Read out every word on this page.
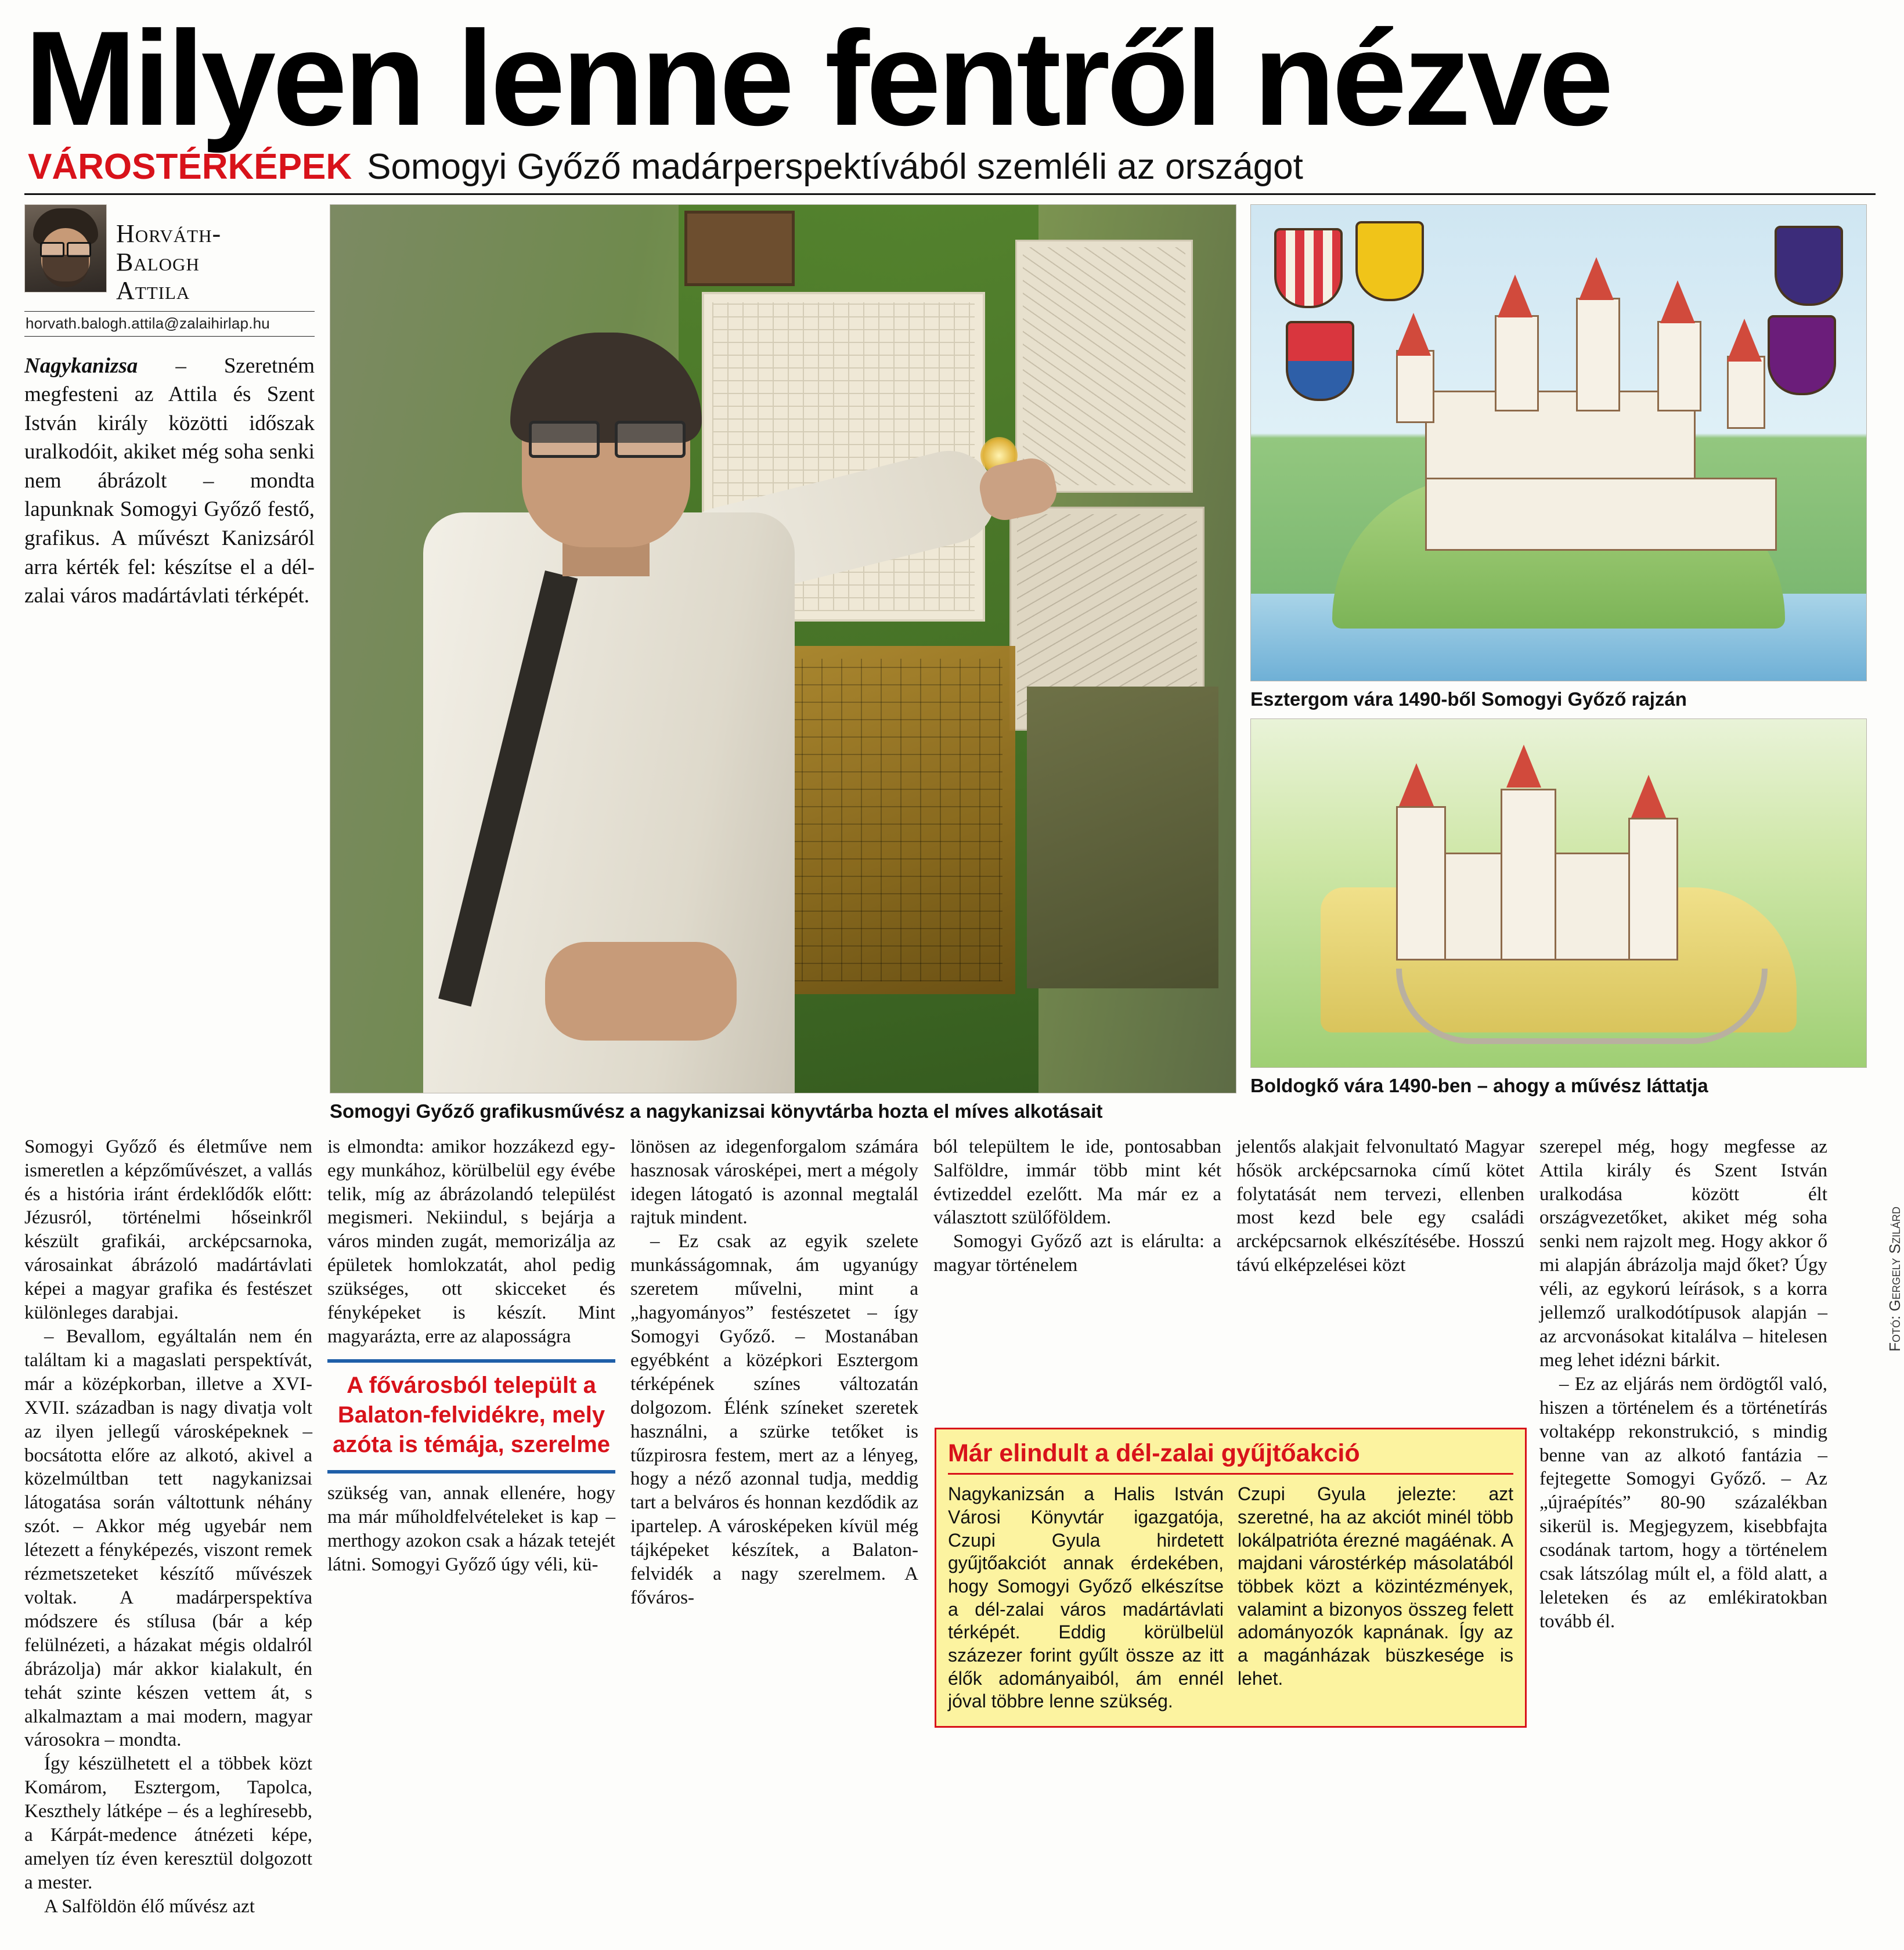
Milyen lenne fentről nézve
VÁROSTÉRKÉPEK Somogyi Győző madárperspektívából szemléli az országot
Horváth-
Balogh
Attila
horvath.balogh.attila@zalaihirlap.hu
Nagykanizsa – Szeretném megfesteni az Attila és Szent István király közötti időszak uralkodóit, akiket még soha senki nem ábrázolt – mondta lapunknak Somogyi Győző festő, grafikus. A művészt Kanizsáról arra kérték fel: készítse el a dél-zalai város madártávlati térképét.
Somogyi Győző grafikusművész a nagykanizsai könyvtárba hozta el míves alkotásait
Esztergom vára 1490-ből Somogyi Győző rajzán
Fotó: Gergely Szilárd
Boldogkő vára 1490-ben – ahogy a művész láttatja

Somogyi Győző és életműve nem ismeretlen a képzőművészet, a vallás és a história iránt érdeklődők előtt: Jézusról, történelmi hőseinkről készült grafikái, arcképcsarnoka, városainkat ábrázoló madártávlati képei a magyar grafika és festészet különleges darabjai.

– Bevallom, egyáltalán nem én találtam ki a magaslati perspektívát, már a középkorban, illetve a XVI-XVII. században is nagy divatja volt az ilyen jellegű városképeknek – bocsátotta előre az alkotó, akivel a közelmúltban tett nagykanizsai látogatása során váltottunk néhány szót. – Akkor még ugyebár nem létezett a fényképezés, viszont remek rézmetszeteket készítő művészek voltak. A madárperspektíva módszere és stílusa (bár a kép felülnézeti, a házakat mégis oldalról ábrázolja) már akkor kialakult, én tehát szinte készen vettem át, s alkalmaztam a mai modern, magyar városokra – mondta.

Így készülhetett el a többek közt Komárom, Esztergom, Tapolca, Keszthely látképe – és a leghíresebb, a Kárpát-medence átnézeti képe, amelyen tíz éven keresztül dolgozott a mester.

A Salföldön élő művész azt

is elmondta: amikor hozzákezd egy-egy munkához, körülbelül egy évébe telik, míg az ábrázolandó települést megismeri. Nekiindul, s bejárja a város minden zugát, memorizálja az épületek homlokzatát, ahol pedig szükséges, ott skicceket és fényképeket is készít. Mint magyarázta, erre az alaposságra

A fővárosból települt a Balaton-felvidékre, mely azóta is témája, szerelme

szükség van, annak ellenére, hogy ma már műholdfelvételeket is kap – merthogy azokon csak a házak tetejét látni. Somogyi Győző úgy véli, kü-

lönösen az idegenforgalom számára hasznosak városképei, mert a mégoly idegen látogató is azonnal megtalál rajtuk mindent.

– Ez csak az egyik szelete munkásságomnak, ám ugyanúgy szeretem művelni, mint a „hagyományos” festészetet – így Somogyi Győző. – Mostanában egyébként a középkori Esztergom térképének színes változatán dolgozom. Élénk színeket szeretek használni, a szürke tetőket is tűzpirosra festem, mert az a lényeg, hogy a néző azonnal tudja, meddig tart a belváros és honnan kezdődik az ipartelep. A városképeken kívül még tájképeket készítek, a Balaton-felvidék a nagy szerelmem. A főváros-

ból települtem le ide, pontosabban Salföldre, immár több mint két évtizeddel ezelőtt. Ma már ez a választott szülőföldem.

Somogyi Győző azt is elárulta: a magyar történelem

jelentős alakjait felvonultató Magyar hősök arcképcsarnoka című kötet folytatását nem tervezi, ellenben most kezd bele egy családi arcképcsarnok elkészítésébe. Hosszú távú elképzelései közt

szerepel még, hogy megfesse az Attila király és Szent István uralkodása között élt országvezetőket, akiket még soha senki nem rajzolt meg. Hogy akkor ő mi alapján ábrázolja majd őket? Úgy véli, az egykorú leírások, s a korra jellemző uralkodótípusok alapján – az arcvonásokat kitalálva – hitelesen meg lehet idézni bárkit.

– Ez az eljárás nem ördögtől való, hiszen a történelem és a történetírás voltaképp rekonstrukció, s mindig benne van az alkotó fantázia – fejtegette Somogyi Győző. – Az „újraépítés” 80-90 százalékban sikerül is. Megjegyzem, kisebbfajta csodának tartom, hogy a történelem csak látszólag múlt el, a föld alatt, a leleteken és az emlékiratokban tovább él.

Már elindult a dél-zalai gyűjtőakció
Nagykanizsán a Halis István Városi Könyvtár igazgatója, Czupi Gyula hirdetett gyűjtőakciót annak érdekében, hogy Somogyi Győző elkészítse a dél-zalai város madártávlati térképét. Eddig körülbelül százezer forint gyűlt össze az itt élők adományaiból, ám ennél jóval többre lenne szükség.
Czupi Gyula jelezte: azt szeretné, ha az akciót minél több lokálpatrióta érezné magáénak. A majdani várostérkép másolatából többek közt a közintézmények, valamint a bizonyos összeg felett adományozók kapnának. Így az a magánházak büszkesége is lehet.
